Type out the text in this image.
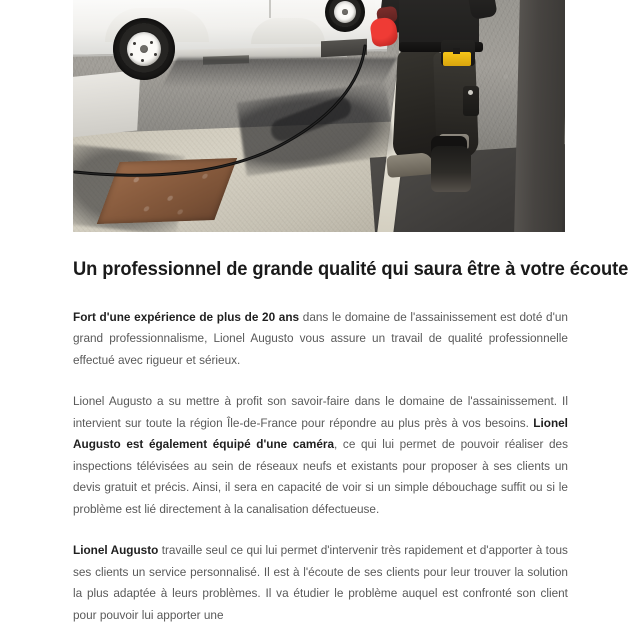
Un professionnel de grande qualité qui saura être à votre écoute

Fort d'une expérience de plus de 20 ans dans le domaine de l'assainissement est doté d'un grand professionnalisme, Lionel Augusto vous assure un travail de qualité professionnelle effectué avec rigueur et sérieux.

Lionel Augusto a su mettre à profit son savoir-faire dans le domaine de l'assainissement. Il intervient sur toute la région Île-de-France pour répondre au plus près à vos besoins. Lionel Augusto est également équipé d'une caméra, ce qui lui permet de pouvoir réaliser des inspections télévisées au sein de réseaux neufs et existants pour proposer à ses clients un devis gratuit et précis. Ainsi, il sera en capacité de voir si un simple débouchage suffit ou si le problème est lié directement à la canalisation défectueuse.

Lionel Augusto travaille seul ce qui lui permet d'intervenir très rapidement et d'apporter à tous ses clients un service personnalisé. Il est à l'écoute de ses clients pour leur trouver la solution la plus adaptée à leurs problèmes. Il va étudier le problème auquel est confronté son client pour pouvoir lui apporter une
